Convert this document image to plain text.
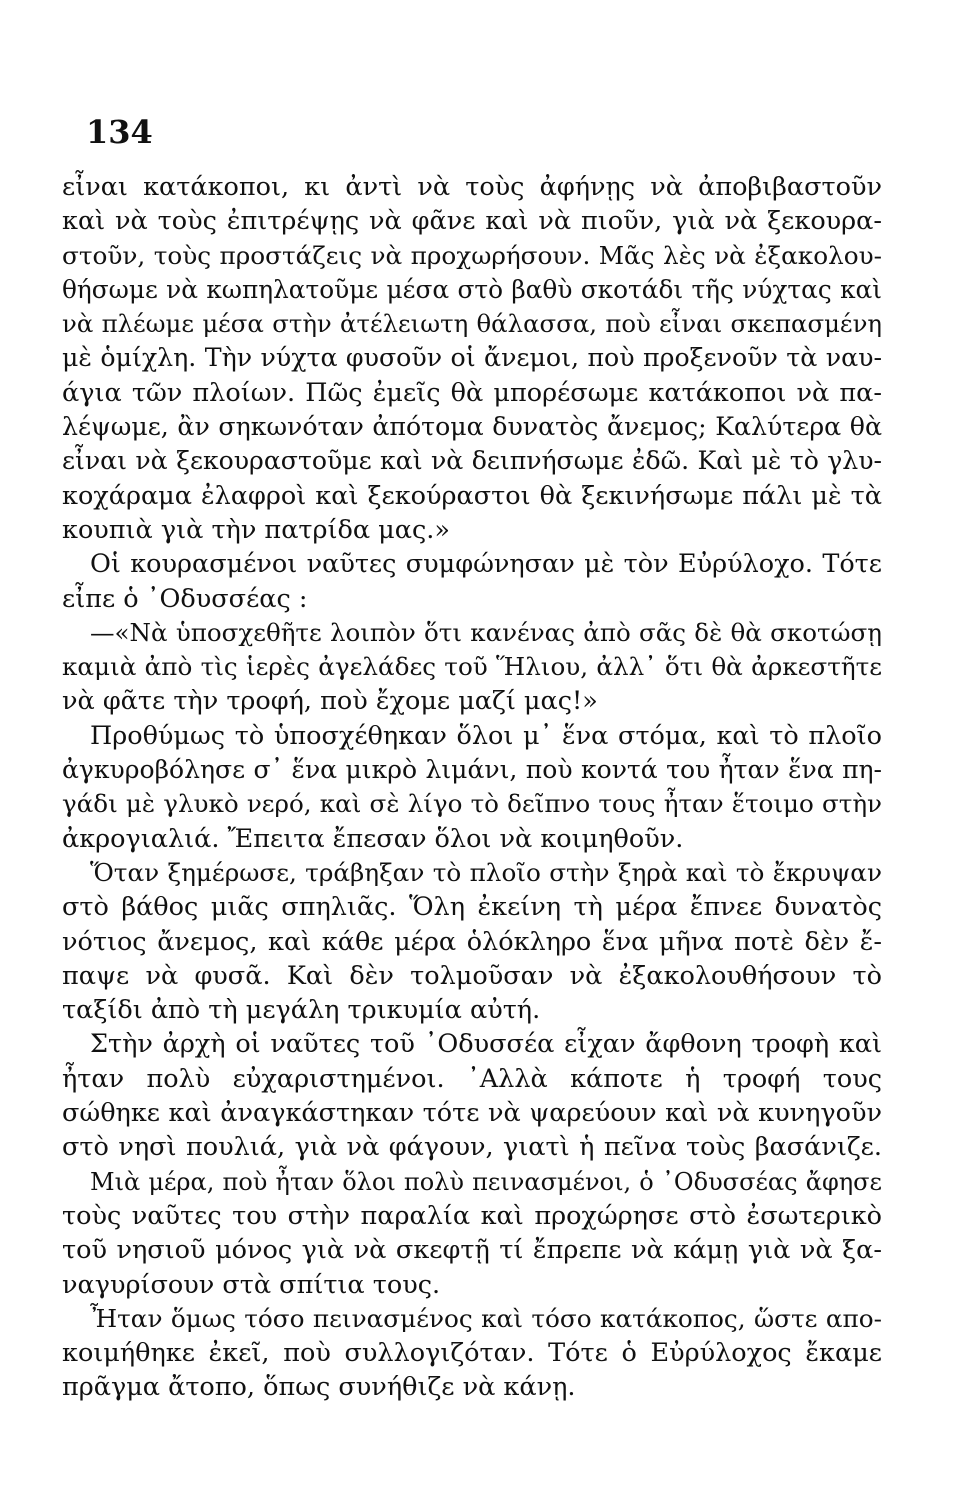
134
εἶναι κατάκοποι, κι ἀντὶ νὰ τοὺς ἀφήνῃς νὰ ἀποβιβαστοῦν
καὶ νὰ τοὺς ἐπιτρέψῃς νὰ φᾶνε καὶ νὰ πιοῦν, γιὰ νὰ ξεκουρα-
στοῦν, τοὺς προστάζεις νὰ προχωρήσουν. Μᾶς λὲς νὰ ἐξακολου-
θήσωμε νὰ κωπηλατοῦμε μέσα στὸ βαθὺ σκοτάδι τῆς νύχτας καὶ
νὰ πλέωμε μέσα στὴν ἀτέλειωτη θάλασσα, ποὺ εἶναι σκεπασμένη
μὲ ὁμίχλη. Τὴν νύχτα φυσοῦν οἱ ἄνεμοι, ποὺ προξενοῦν τὰ ναυ-
άγια τῶν πλοίων. Πῶς ἐμεῖς θὰ μπορέσωμε κατάκοποι νὰ πα-
λέψωμε, ἂν σηκωνόταν ἀπότομα δυνατὸς ἄνεμος; Καλύτερα θὰ
εἶναι νὰ ξεκουραστοῦμε καὶ νὰ δειπνήσωμε ἐδῶ. Καὶ μὲ τὸ γλυ-
κοχάραμα ἐλαφροὶ καὶ ξεκούραστοι θὰ ξεκινήσωμε πάλι μὲ τὰ
κουπιὰ γιὰ τὴν πατρίδα μας.»
Οἱ κουρασμένοι ναῦτες συμφώνησαν μὲ τὸν Εὐρύλοχο. Τότε
εἶπε ὁ ᾿Οδυσσέας :
—«Νὰ ὑποσχεθῆτε λοιπὸν ὅτι κανένας ἀπὸ σᾶς δὲ θὰ σκοτώσῃ
καμιὰ ἀπὸ τὶς ἱερὲς ἀγελάδες τοῦ Ἥλιου, ἀλλ᾿ ὅτι θὰ ἀρκεστῆτε
νὰ φᾶτε τὴν τροφή, ποὺ ἔχομε μαζί μας!»
Προθύμως τὸ ὑποσχέθηκαν ὅλοι μ᾿ ἕνα στόμα, καὶ τὸ πλοῖο
ἀγκυροβόλησε σ᾿ ἕνα μικρὸ λιμάνι, ποὺ κοντά του ἦταν ἕνα πη-
γάδι μὲ γλυκὸ νερό, καὶ σὲ λίγο τὸ δεῖπνο τους ἦταν ἕτοιμο στὴν
ἀκρογιαλιά. Ἔπειτα ἔπεσαν ὅλοι νὰ κοιμηθοῦν.
Ὅταν ξημέρωσε, τράβηξαν τὸ πλοῖο στὴν ξηρὰ καὶ τὸ ἔκρυψαν
στὸ βάθος μιᾶς σπηλιᾶς. Ὅλη ἐκείνη τὴ μέρα ἔπνεε δυνατὸς
νότιος ἄνεμος, καὶ κάθε μέρα ὁλόκληρο ἕνα μῆνα ποτὲ δὲν ἔ-
παψε νὰ φυσᾶ. Καὶ δὲν τολμοῦσαν νὰ ἐξακολουθήσουν τὸ
ταξίδι ἀπὸ τὴ μεγάλη τρικυμία αὐτή.
Στὴν ἀρχὴ οἱ ναῦτες τοῦ ᾿Οδυσσέα εἶχαν ἄφθονη τροφὴ καὶ
ἦταν πολὺ εὐχαριστημένοι. ᾿Αλλὰ κάποτε ἡ τροφή τους
σώθηκε καὶ ἀναγκάστηκαν τότε νὰ ψαρεύουν καὶ νὰ κυνηγοῦν
στὸ νησὶ πουλιά, γιὰ νὰ φάγουν, γιατὶ ἡ πεῖνα τοὺς βασάνιζε.
Μιὰ μέρα, ποὺ ἦταν ὅλοι πολὺ πεινασμένοι, ὁ ᾿Οδυσσέας ἄφησε
τοὺς ναῦτες του στὴν παραλία καὶ προχώρησε στὸ ἐσωτερικὸ
τοῦ νησιοῦ μόνος γιὰ νὰ σκεφτῇ τί ἔπρεπε νὰ κάμῃ γιὰ νὰ ξα-
ναγυρίσουν στὰ σπίτια τους.
Ἦταν ὅμως τόσο πεινασμένος καὶ τόσο κατάκοπος, ὥστε απο-
κοιμήθηκε ἐκεῖ, ποὺ συλλογιζόταν. Τότε ὁ Εὐρύλοχος ἔκαμε
πρᾶγμα ἄτοπο, ὅπως συνήθιζε νὰ κάνῃ.
